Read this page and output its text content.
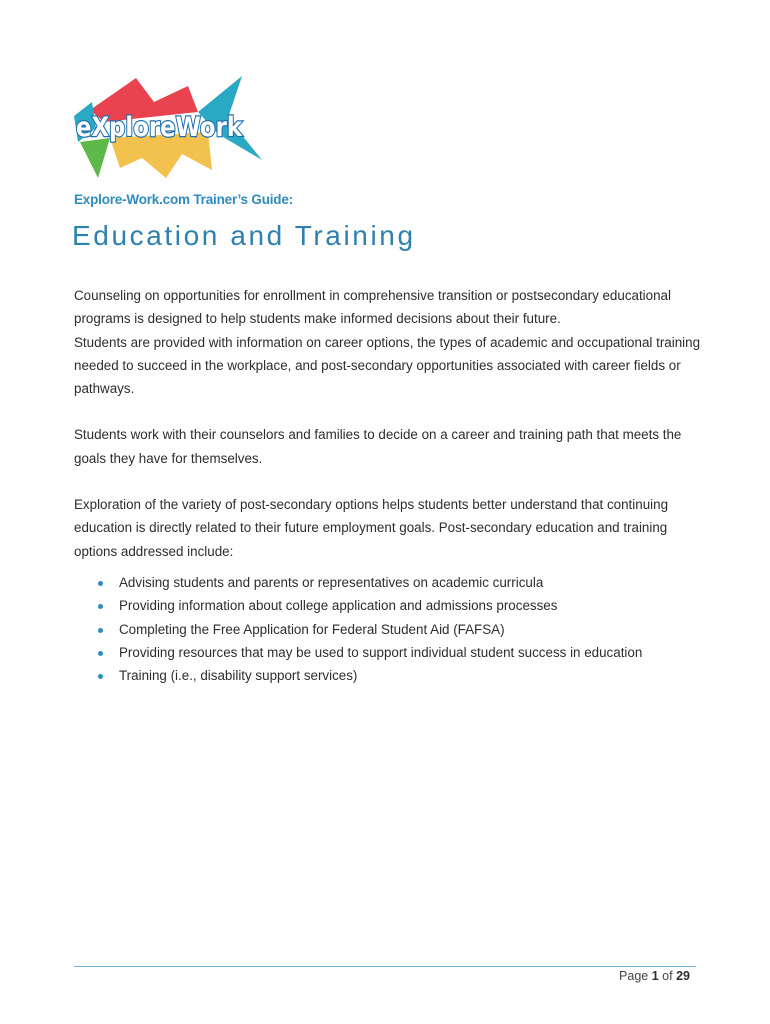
eXploreWork
Explore-Work.com Trainer’s Guide:
Education and Training

Counseling on opportunities for enrollment in comprehensive transition or postsecondary educational programs is designed to help students make informed decisions about their future.

Students are provided with information on career options, the types of academic and occupational training needed to succeed in the workplace, and post-secondary opportunities associated with career fields or pathways.

Students work with their counselors and families to decide on a career and training path that meets the goals they have for themselves.

Exploration of the variety of post-secondary options helps students better understand that continuing education is directly related to their future employment goals. Post-secondary education and training options addressed include:

Advising students and parents or representatives on academic curricula
Providing information about college application and admissions processes
Completing the Free Application for Federal Student Aid (FAFSA)
Providing resources that may be used to support individual student success in education
Training (i.e., disability support services)
Page 1 of 29
